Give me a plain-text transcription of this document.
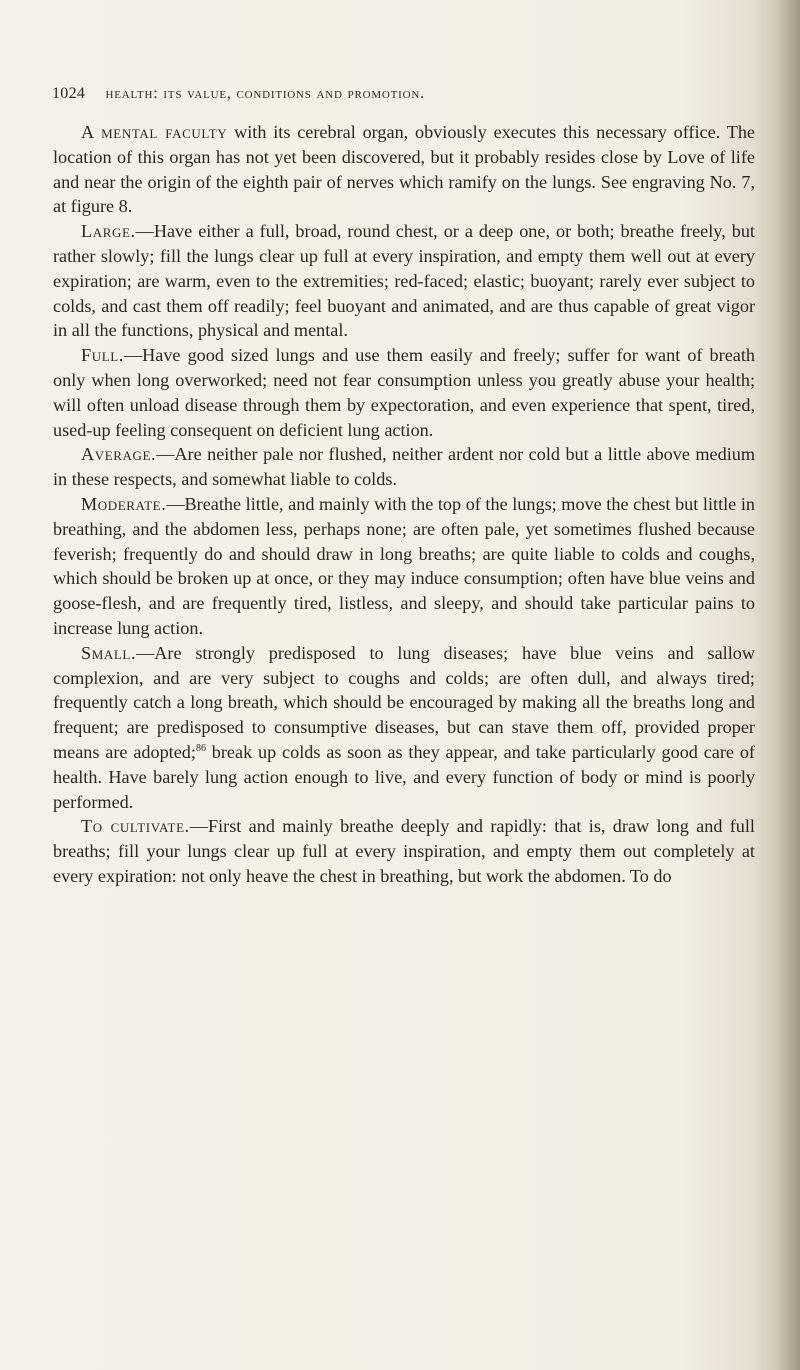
1024 health: its value, conditions and promotion.

A mental faculty with its cerebral organ, obviously executes this necessary office. The location of this organ has not yet been discovered, but it probably resides close by Love of life and near the origin of the eighth pair of nerves which ramify on the lungs. See engraving No. 7, at figure 8.

Large.—Have either a full, broad, round chest, or a deep one, or both; breathe freely, but rather slowly; fill the lungs clear up full at every inspiration, and empty them well out at every expiration; are warm, even to the extremities; red-faced; elastic; buoyant; rarely ever subject to colds, and cast them off readily; feel buoyant and animated, and are thus capable of great vigor in all the functions, physical and mental.

Full.—Have good sized lungs and use them easily and freely; suffer for want of breath only when long overworked; need not fear consumption unless you greatly abuse your health; will often unload disease through them by expectoration, and even experience that spent, tired, used-up feeling consequent on deficient lung action.

Average.—Are neither pale nor flushed, neither ardent nor cold but a little above medium in these respects, and somewhat liable to colds.

Moderate.—Breathe little, and mainly with the top of the lungs; move the chest but little in breathing, and the abdomen less, perhaps none; are often pale, yet sometimes flushed because feverish; frequently do and should draw in long breaths; are quite liable to colds and coughs, which should be broken up at once, or they may induce consumption; often have blue veins and goose-flesh, and are frequently tired, listless, and sleepy, and should take particular pains to increase lung action.

Small.—Are strongly predisposed to lung diseases; have blue veins and sallow complexion, and are very subject to coughs and colds; are often dull, and always tired; frequently catch a long breath, which should be encouraged by making all the breaths long and frequent; are predisposed to consumptive diseases, but can stave them off, provided proper means are adopted;$^{86}$ break up colds as soon as they appear, and take particularly good care of health. Have barely lung action enough to live, and every function of body or mind is poorly performed.

To cultivate.—First and mainly breathe deeply and rapidly: that is, draw long and full breaths; fill your lungs clear up full at every inspiration, and empty them out completely at every expiration: not only heave the chest in breathing, but work the abdomen. To do
